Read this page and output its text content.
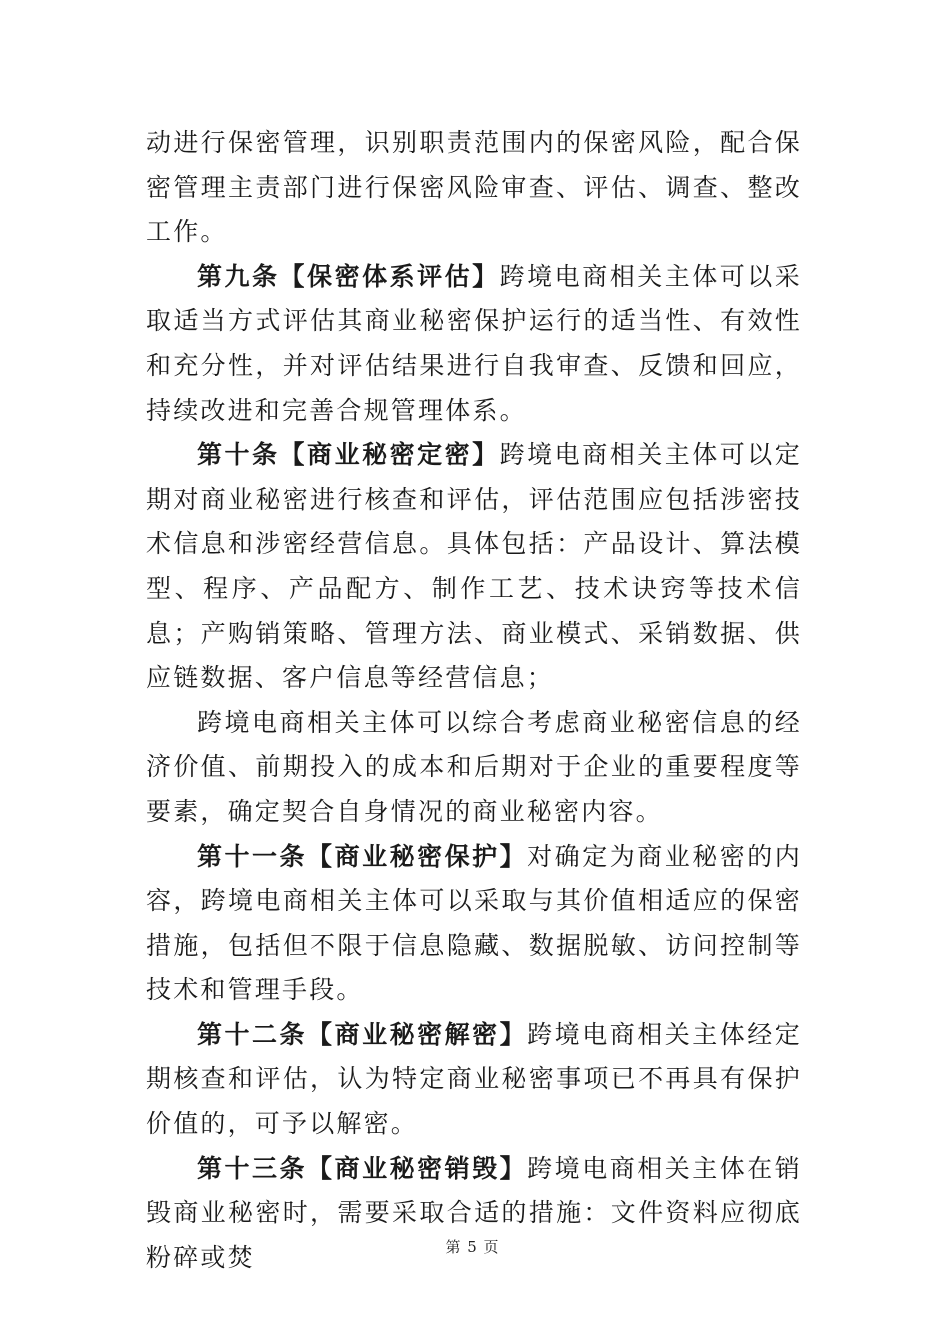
动进行保密管理，识别职责范围内的保密风险，配合保密管理主责部门进行保密风险审查、评估、调查、整改工作。

第九条【保密体系评估】跨境电商相关主体可以采取适当方式评估其商业秘密保护运行的适当性、有效性和充分性，并对评估结果进行自我审查、反馈和回应，持续改进和完善合规管理体系。

第十条【商业秘密定密】跨境电商相关主体可以定期对商业秘密进行核查和评估，评估范围应包括涉密技术信息和涉密经营信息。具体包括：产品设计、算法模型、程序、产品配方、制作工艺、技术诀窍等技术信息；产购销策略、管理方法、商业模式、采销数据、供应链数据、客户信息等经营信息；

跨境电商相关主体可以综合考虑商业秘密信息的经济价值、前期投入的成本和后期对于企业的重要程度等要素，确定契合自身情况的商业秘密内容。

第十一条【商业秘密保护】对确定为商业秘密的内容，跨境电商相关主体可以采取与其价值相适应的保密措施，包括但不限于信息隐藏、数据脱敏、访问控制等技术和管理手段。

第十二条【商业秘密解密】跨境电商相关主体经定期核查和评估，认为特定商业秘密事项已不再具有保护价值的，可予以解密。

第十三条【商业秘密销毁】跨境电商相关主体在销毁商业秘密时，需要采取合适的措施：文件资料应彻底粉碎或焚	第 5 页
